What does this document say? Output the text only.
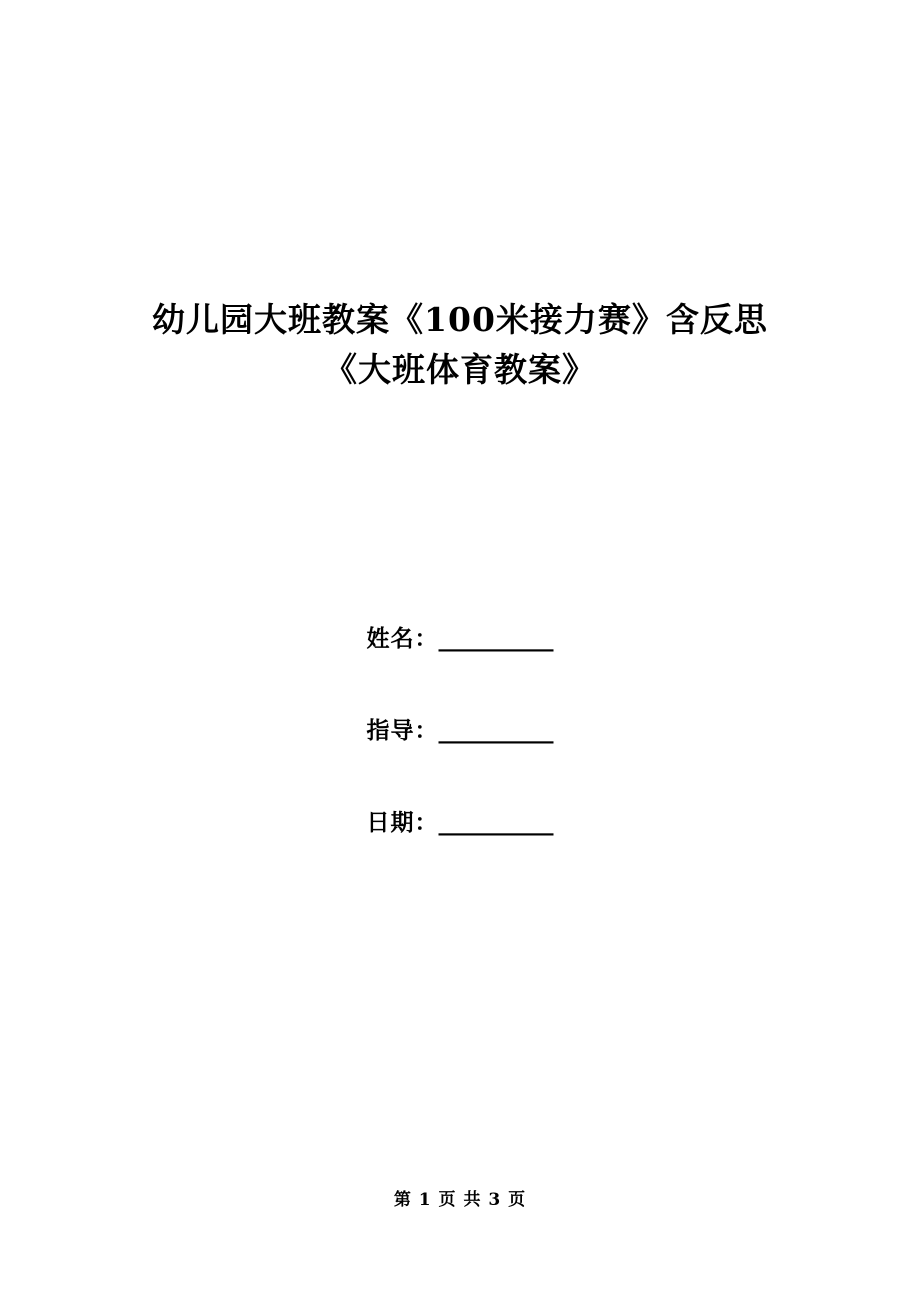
幼儿园大班教案《100米接力赛》含反思《大班体育教案》
姓名： __________
指导： __________
日期： __________
第 1 页 共 3 页
